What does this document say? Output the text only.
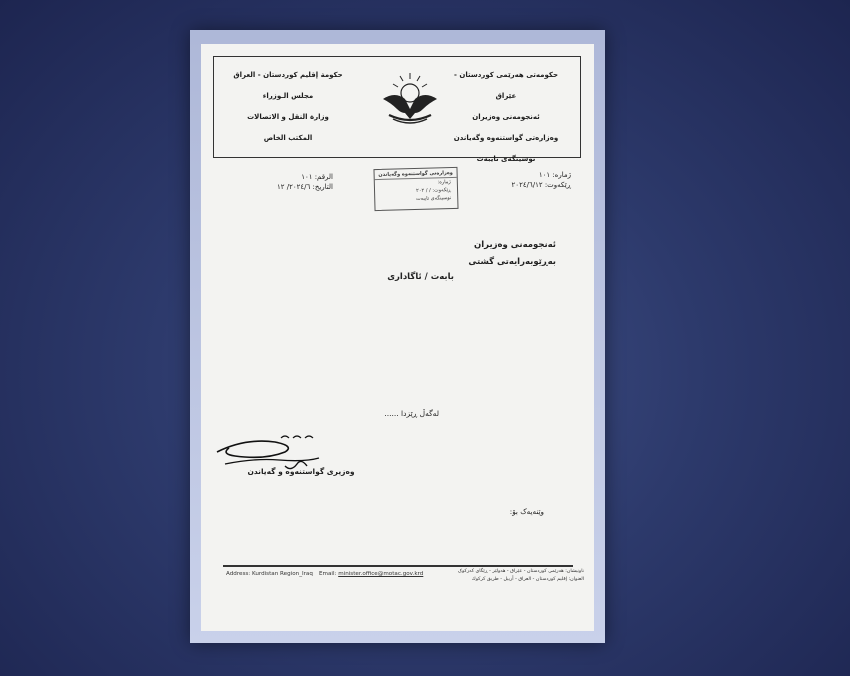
حكومة إقليم كوردستان - العراق
مجلس الـوزراء
وزارة النقل و الاتصالات
المكتب الخاص
حکومەتی هەرێمی کوردستان - عێراق
ئەنجومەنی وەزیران
وەزارەتی گواستنەوە وگەیاندن
نوسینگەی تایبەت
الرقم: ١٠١
التاريخ: ٢٠٢٤/٦/ ١٢
وەزارەتی گواستنەوە وگەیاندن
ژمارە:
ڕێکەوت: / / ٢٠٢
نوسینگەی تایبەت
ژمارە: ١٠١
ڕێکەوت: ٢٠٢٤/٦/١٢
ئەنجومەنی وەزیران
بەڕێوبەرایەتی گشتی
بابەت / ئاگاداری
لەگەڵ ڕێزدا ......
وەزیری گواستنەوە و گەیاندن
وێنەیەک بۆ:
Address: Kurdistan Region_Iraq Email: minister.office@motac.gov.krd	ناونیشان: هەرێمی کوردستان - عێراق - هەولێر - ڕێگای کەرکوک
العنوان: إقليم كوردستان - العراق - أربيل - طريق كركوك
